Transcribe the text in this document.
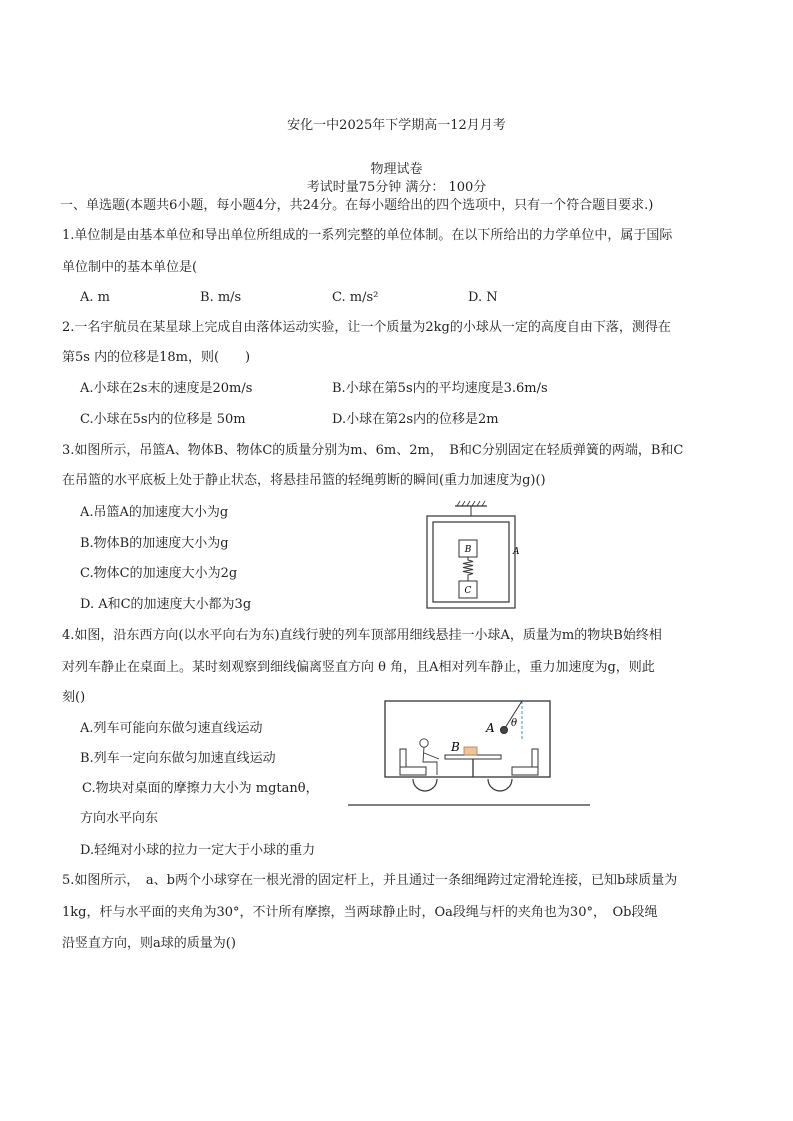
安化一中2025年下学期高一12月月考
物理试卷
考试时量75分钟 满分： 100分
一、单选题(本题共6小题，每小题4分，共24分。在每小题给出的四个选项中，只有一个符合题目要求.)
1.单位制是由基本单位和导出单位所组成的一系列完整的单位体制。在以下所给出的力学单位中，属于国际
单位制中的基本单位是(
A. m	B. m/s	C. m/s²	D. N
2.一名宇航员在某星球上完成自由落体运动实验，让一个质量为2kg的小球从一定的高度自由下落，测得在
第5s 内的位移是18m，则(　　)
A.小球在2s末的速度是20m/s	B.小球在第5s内的平均速度是3.6m/s
C.小球在5s内的位移是 50m	D.小球在第2s内的位移是2m
3.如图所示，吊篮A、物体B、物体C的质量分别为m、6m、2m，　B和C分别固定在轻质弹簧的两端，B和C
在吊篮的水平底板上处于静止状态，将悬挂吊篮的轻绳剪断的瞬间(重力加速度为g)()
A.吊篮A的加速度大小为g
B.物体B的加速度大小为g
C.物体C的加速度大小为2g
D. A和C的加速度大小都为3g
B
C
A
4.如图，沿东西方向(以水平向右为东)直线行驶的列车顶部用细线悬挂一小球A，质量为m的物块B始终相
对列车静止在桌面上。某时刻观察到细线偏离竖直方向 θ 角，且A相对列车静止，重力加速度为g，则此
刻()
A.列车可能向东做匀速直线运动
B.列车一定向东做匀加速直线运动
C.物块对桌面的摩擦力大小为 mgtanθ，
方向水平向东
D.轻绳对小球的拉力一定大于小球的重力
A θ
B
5.如图所示，　a、b两个小球穿在一根光滑的固定杆上，并且通过一条细绳跨过定滑轮连接，已知b球质量为
1kg，杆与水平面的夹角为30°，不计所有摩擦，当两球静止时，Oa段绳与杆的夹角也为30°，　Ob段绳
沿竖直方向，则a球的质量为()
